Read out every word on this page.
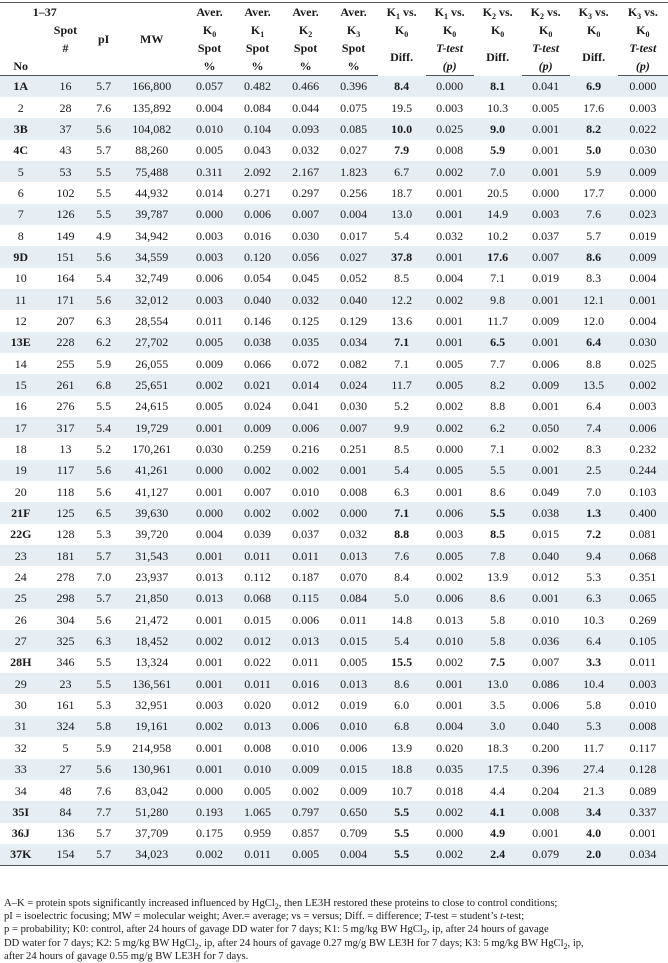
1–37				Aver.	Aver.	Aver.	Aver.	$K_1$ vs.	$K_1$ vs.	$K_2$ vs.	$K_2$ vs.	$K_3$ vs.	$K_3$ vs.
	Spot	pI	MW	$K_0$	$K_1$	$K_2$	$K_3$	$K_0$	$K_0$	$K_0$	$K_0$	$K_0$	$K_0$
	#			Spot	Spot	Spot	Spot	Diff.	T-test	Diff.	T-test	Diff.	T-test
No				%	%	%	%		(p)		(p)		(p)
1A	16	5.7	166,800	0.057	0.482	0.466	0.396	8.4	0.000	8.1	0.041	6.9	0.000
2	28	7.6	135,892	0.004	0.084	0.044	0.075	19.5	0.003	10.3	0.005	17.6	0.003
3B	37	5.6	104,082	0.010	0.104	0.093	0.085	10.0	0.025	9.0	0.001	8.2	0.022
4C	43	5.7	88,260	0.005	0.043	0.032	0.027	7.9	0.008	5.9	0.001	5.0	0.030
5	53	5.5	75,488	0.311	2.092	2.167	1.823	6.7	0.002	7.0	0.001	5.9	0.009
6	102	5.5	44,932	0.014	0.271	0.297	0.256	18.7	0.001	20.5	0.000	17.7	0.000
7	126	5.5	39,787	0.000	0.006	0.007	0.004	13.0	0.001	14.9	0.003	7.6	0.023
8	149	4.9	34,942	0.003	0.016	0.030	0.017	5.4	0.032	10.2	0.037	5.7	0.019
9D	151	5.6	34,559	0.003	0.120	0.056	0.027	37.8	0.001	17.6	0.007	8.6	0.009
10	164	5.4	32,749	0.006	0.054	0.045	0.052	8.5	0.004	7.1	0.019	8.3	0.004
11	171	5.6	32,012	0.003	0.040	0.032	0.040	12.2	0.002	9.8	0.001	12.1	0.001
12	207	6.3	28,554	0.011	0.146	0.125	0.129	13.6	0.001	11.7	0.009	12.0	0.004
13E	228	6.2	27,702	0.005	0.038	0.035	0.034	7.1	0.001	6.5	0.001	6.4	0.030
14	255	5.9	26,055	0.009	0.066	0.072	0.082	7.1	0.005	7.7	0.006	8.8	0.025
15	261	6.8	25,651	0.002	0.021	0.014	0.024	11.7	0.005	8.2	0.009	13.5	0.002
16	276	5.5	24,615	0.005	0.024	0.041	0.030	5.2	0.002	8.8	0.001	6.4	0.003
17	317	5.4	19,729	0.001	0.009	0.006	0.007	9.9	0.002	6.2	0.050	7.4	0.006
18	13	5.2	170,261	0.030	0.259	0.216	0.251	8.5	0.000	7.1	0.002	8.3	0.232
19	117	5.6	41,261	0.000	0.002	0.002	0.001	5.4	0.005	5.5	0.001	2.5	0.244
20	118	5.6	41,127	0.001	0.007	0.010	0.008	6.3	0.001	8.6	0.049	7.0	0.103
21F	125	6.5	39,630	0.000	0.002	0.002	0.000	7.1	0.006	5.5	0.038	1.3	0.400
22G	128	5.3	39,720	0.004	0.039	0.037	0.032	8.8	0.003	8.5	0.015	7.2	0.081
23	181	5.7	31,543	0.001	0.011	0.011	0.013	7.6	0.005	7.8	0.040	9.4	0.068
24	278	7.0	23,937	0.013	0.112	0.187	0.070	8.4	0.002	13.9	0.012	5.3	0.351
25	298	5.7	21,850	0.013	0.068	0.115	0.084	5.0	0.006	8.6	0.001	6.3	0.065
26	304	5.6	21,472	0.001	0.015	0.006	0.011	14.8	0.013	5.8	0.010	10.3	0.269
27	325	6.3	18,452	0.002	0.012	0.013	0.015	5.4	0.010	5.8	0.036	6.4	0.105
28H	346	5.5	13,324	0.001	0.022	0.011	0.005	15.5	0.002	7.5	0.007	3.3	0.011
29	23	5.5	136,561	0.001	0.011	0.016	0.013	8.6	0.001	13.0	0.086	10.4	0.003
30	161	5.3	32,951	0.003	0.020	0.012	0.019	6.0	0.001	3.5	0.006	5.8	0.010
31	324	5.8	19,161	0.002	0.013	0.006	0.010	6.8	0.004	3.0	0.040	5.3	0.008
32	5	5.9	214,958	0.001	0.008	0.010	0.006	13.9	0.020	18.3	0.200	11.7	0.117
33	27	5.6	130,961	0.001	0.010	0.009	0.015	18.8	0.035	17.5	0.396	27.4	0.128
34	48	7.6	83,042	0.000	0.005	0.002	0.009	10.7	0.018	4.4	0.204	21.3	0.089
35I	84	7.7	51,280	0.193	1.065	0.797	0.650	5.5	0.002	4.1	0.008	3.4	0.337
36J	136	5.7	37,709	0.175	0.959	0.857	0.709	5.5	0.000	4.9	0.001	4.0	0.001
37K	154	5.7	34,023	0.002	0.011	0.005	0.004	5.5	0.002	2.4	0.079	2.0	0.034

A–K = protein spots significantly increased influenced by HgCl$_2$, then LE3H restored these proteins to close to control conditions;

pI = isoelectric focusing; MW = molecular weight; Aver.= average; vs = versus; Diff. = difference; T-test = student’s t-test;

p = probability; K0: control, after 24 hours of gavage DD water for 7 days; K1: 5 mg/kg BW HgCl$_2$, ip, after 24 hours of gavage

DD water for 7 days; K2: 5 mg/kg BW HgCl$_2$, ip, after 24 hours of gavage 0.27 mg/g BW LE3H for 7 days; K3: 5 mg/kg BW HgCl$_2$, ip,

after 24 hours of gavage 0.55 mg/g BW LE3H for 7 days.
